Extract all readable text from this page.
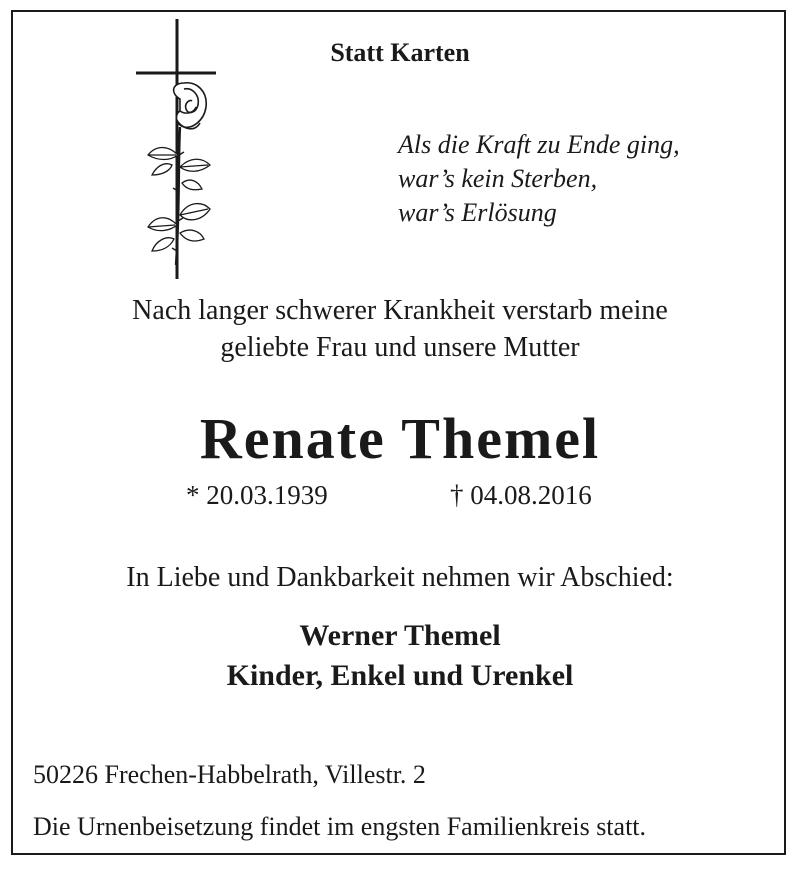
Statt Karten
Als die Kraft zu Ende ging,
war’s kein Sterben,
war’s Erlösung
Nach langer schwerer Krankheit verstarb meine
geliebte Frau und unsere Mutter
Renate Themel
* 20.03.1939	† 04.08.2016
In Liebe und Dankbarkeit nehmen wir Abschied:
Werner Themel
Kinder, Enkel und Urenkel
50226 Frechen-Habbelrath, Villestr. 2
Die Urnenbeisetzung findet im engsten Familienkreis statt.
